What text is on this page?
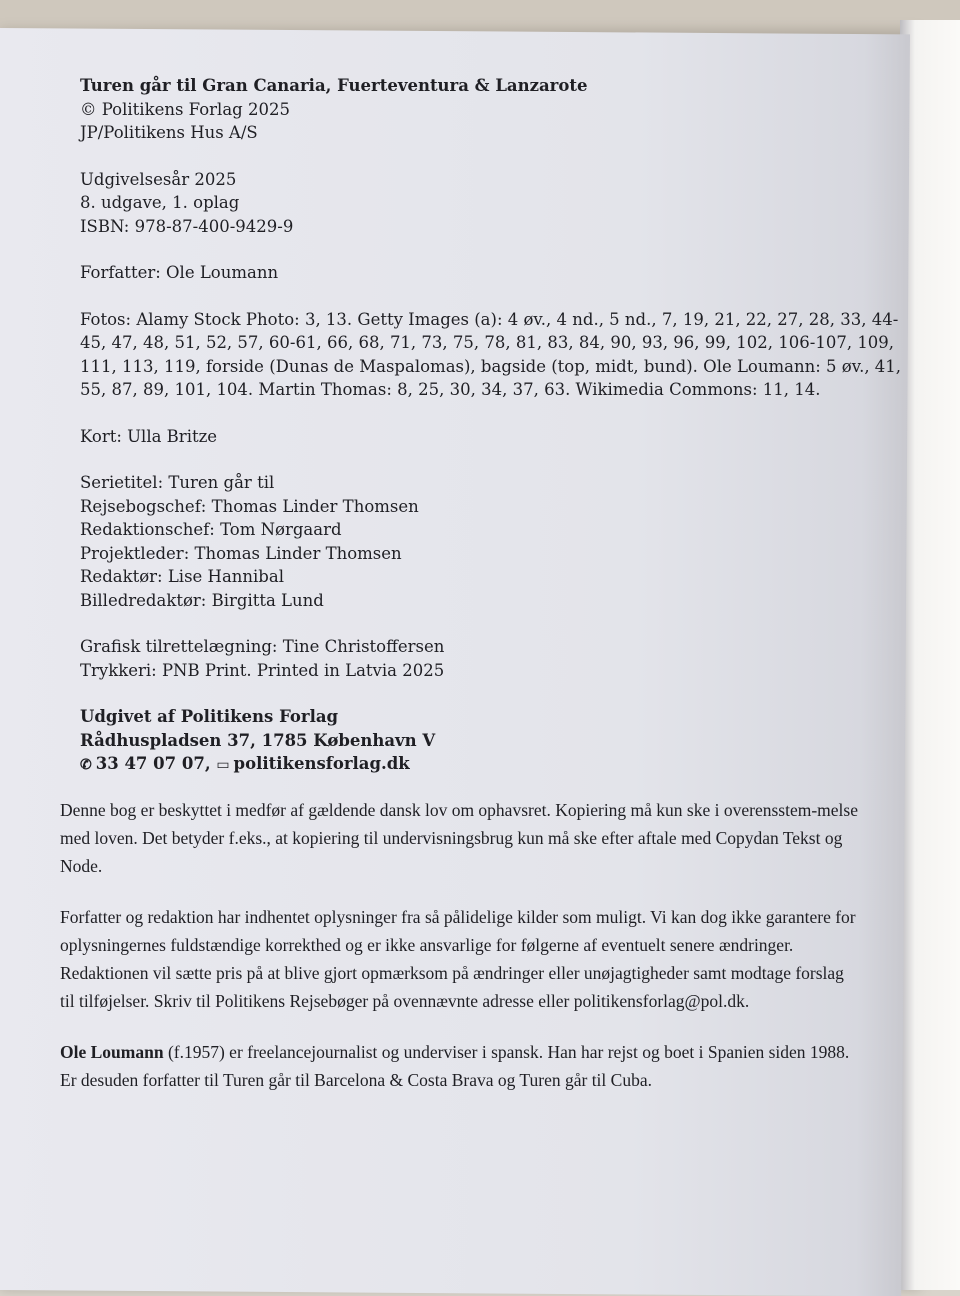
Turen går til Gran Canaria, Fuerteventura & Lanzarote
© Politikens Forlag 2025
JP/Politikens Hus A/S
Udgivelsesår 2025
8. udgave, 1. oplag
ISBN: 978-87-400-9429-9
Forfatter: Ole Loumann
Fotos: Alamy Stock Photo: 3, 13. Getty Images (a): 4 øv., 4 nd., 5 nd., 7, 19, 21, 22, 27, 28, 33, 44-45, 47, 48, 51, 52, 57, 60-61, 66, 68, 71, 73, 75, 78, 81, 83, 84, 90, 93, 96, 99, 102, 106-107, 109, 111, 113, 119, forside (Dunas de Maspalomas), bagside (top, midt, bund). Ole Loumann: 5 øv., 41, 55, 87, 89, 101, 104. Martin Thomas: 8, 25, 30, 34, 37, 63. Wikimedia Commons: 11, 14.
Kort: Ulla Britze
Serietitel: Turen går til
Rejsebogschef: Thomas Linder Thomsen
Redaktionschef: Tom Nørgaard
Projektleder: Thomas Linder Thomsen
Redaktør: Lise Hannibal
Billedredaktør: Birgitta Lund
Grafisk tilrettelægning: Tine Christoffersen
Trykkeri: PNB Print. Printed in Latvia 2025
Udgivet af Politikens Forlag
Rådhuspladsen 37, 1785 København V
✆ 33 47 07 07, ▭ politikensforlag.dk

Denne bog er beskyttet i medfør af gældende dansk lov om ophavsret. Kopiering må kun ske i overensstem-melse med loven. Det betyder f.eks., at kopiering til undervisningsbrug kun må ske efter aftale med Copydan Tekst og Node.

Forfatter og redaktion har indhentet oplysninger fra så pålidelige kilder som muligt. Vi kan dog ikke garantere for oplysningernes fuldstændige korrekthed og er ikke ansvarlige for følgerne af eventuelt senere ændringer. Redaktionen vil sætte pris på at blive gjort opmærksom på ændringer eller unøjagtigheder samt modtage forslag til tilføjelser. Skriv til Politikens Rejsebøger på ovennævnte adresse eller politikensforlag@pol.dk.

Ole Loumann (f.1957) er freelancejournalist og underviser i spansk. Han har rejst og boet i Spanien siden 1988. Er desuden forfatter til Turen går til Barcelona & Costa Brava og Turen går til Cuba.
